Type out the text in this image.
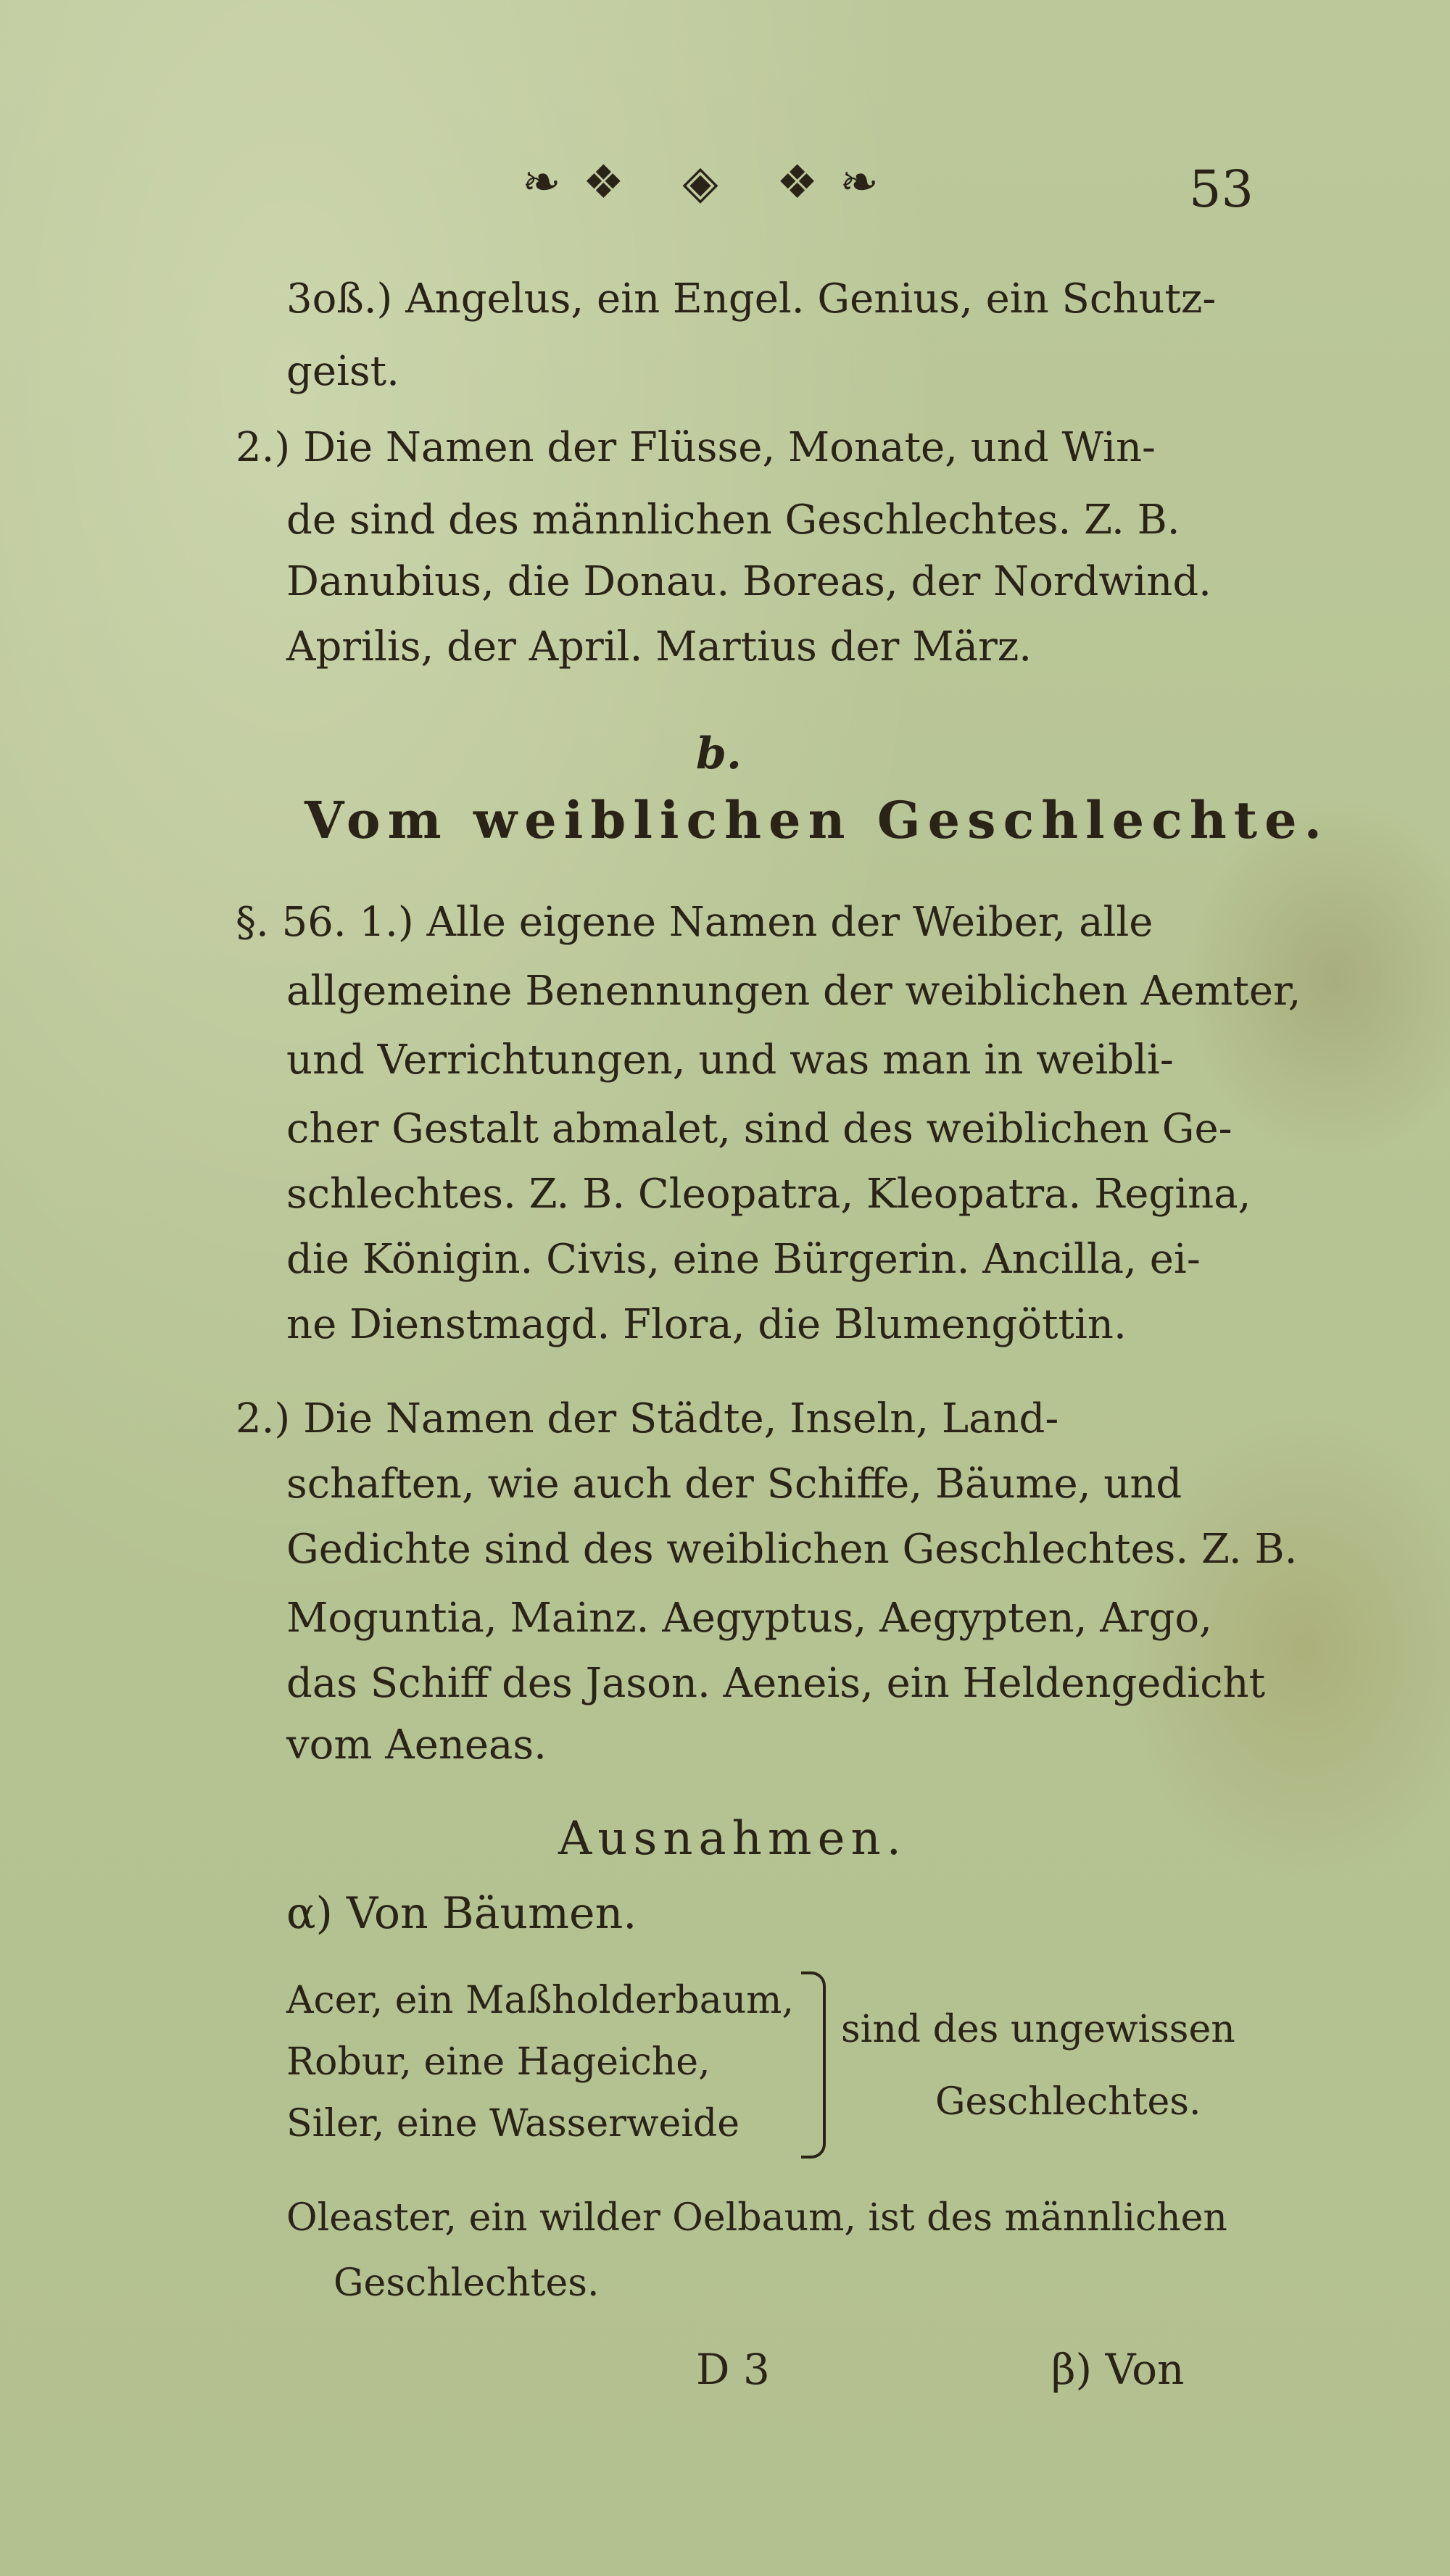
❧❖ ◈ ❖❧	53
3oß.) Angelus, ein Engel. Genius, ein Schutz-
geist.
2.) Die Namen der Flüsse, Monate, und Win-
de sind des männlichen Geschlechtes. Z. B.
Danubius, die Donau. Boreas, der Nordwind.
Aprilis, der April. Martius der März.
b.
Vom weiblichen Geschlechte.
§. 56. 1.) Alle eigene Namen der Weiber, alle
allgemeine Benennungen der weiblichen Aemter,
und Verrichtungen, und was man in weibli-
cher Gestalt abmalet, sind des weiblichen Ge-
schlechtes. Z. B. Cleopatra, Kleopatra. Regina,
die Königin. Civis, eine Bürgerin. Ancilla, ei-
ne Dienstmagd. Flora, die Blumengöttin.
2.) Die Namen der Städte, Inseln, Land-
schaften, wie auch der Schiffe, Bäume, und
Gedichte sind des weiblichen Geschlechtes. Z. B.
Moguntia, Mainz. Aegyptus, Aegypten, Argo,
das Schiff des Jason. Aeneis, ein Heldengedicht
vom Aeneas.
Ausnahmen.
α) Von Bäumen.
Acer, ein Maßholderbaum,
Robur, eine Hageiche,
Siler, eine Wasserweide
sind des ungewissen
Geschlechtes.
Oleaster, ein wilder Oelbaum, ist des männlichen
Geschlechtes.
D 3	β) Von
